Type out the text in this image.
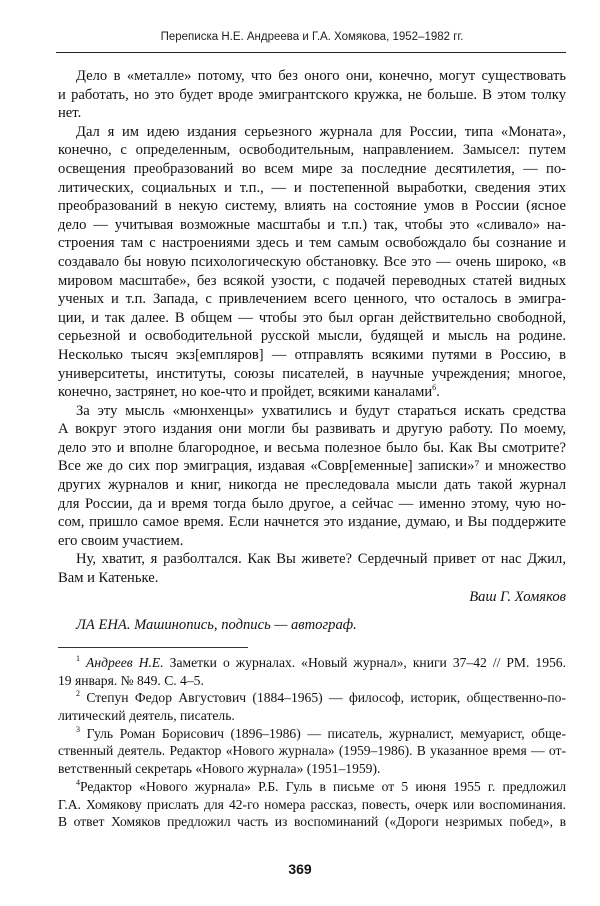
Переписка Н.Е. Андреева и Г.А. Хомякова, 1952–1982 гг.
Дело в «металле» потому, что без оного они, конечно, могут существовать
и работать, но это будет вроде эмигрантского кружка, не больше. В этом толку
нет.
Дал я им идею издания серьезного журнала для России, типа «Моната»,
конечно, с определенным, освободительным, направлением. Замысел: путем
освещения преобразований во всем мире за последние десятилетия, — по-
литических, социальных и т.п., — и постепенной выработки, сведения этих
преобразований в некую систему, влиять на состояние умов в России (ясное
дело — учитывая возможные масштабы и т.п.) так, чтобы это «сливало» на-
строения там с настроениями здесь и тем самым освобождало бы сознание и
создавало бы новую психологическую обстановку. Все это — очень широко, «в
мировом масштабе», без всякой узости, с подачей переводных статей видных
ученых и т.п. Запада, с привлечением всего ценного, что осталось в эмигра-
ции, и так далее. В общем — чтобы это был орган действительно свободной,
серьезной и освободительной русской мысли, будящей и мысль на родине.
Несколько тысяч экз[емпляров] — отправлять всякими путями в Россию, в
университеты, институты, союзы писателей, в научные учреждения; многое,
конечно, застрянет, но кое-что и пройдет, всякими каналами$^6$.
За эту мысль «мюнхенцы» ухватились и будут стараться искать средства
А вокруг этого издания они могли бы развивать и другую работу. По моему,
дело это и вполне благородное, и весьма полезное было бы. Как Вы смотрите?
Все же до сих пор эмиграция, издавая «Совр[еменные] записки»⁷ и множество
других журналов и книг, никогда не преследовала мысли дать такой журнал
для России, да и время тогда было другое, а сейчас — именно этому, чую но-
сом, пришло самое время. Если начнется это издание, думаю, и Вы поддержите
его своим участием.
Ну, хватит, я разболтался. Как Вы живете? Сердечный привет от нас Джил,
Вам и Катеньке.
Ваш Г. Хомяков
ЛА ЕНА. Машинопись, подпись — автограф.
$^1$ Андреев Н.Е. Заметки о журналах. «Новый журнал», книги 37–42 // РМ. 1956.
19 января. № 849. С. 4–5.
$^2$ Степун Федор Августович (1884–1965) — философ, историк, общественно-по-
литический деятель, писатель.
$^3$ Гуль Роман Борисович (1896–1986) — писатель, журналист, мемуарист, обще-
ственный деятель. Редактор «Нового журнала» (1959–1986). В указанное время — от-
ветственный секретарь «Нового журнала» (1951–1959).
$^4$Редактор «Нового журнала» Р.Б. Гуль в письме от 5 июня 1955 г. предложил
Г.А. Хомякову прислать для 42-го номера рассказ, повесть, очерк или воспоминания.
В ответ Хомяков предложил часть из воспоминаний («Дороги незримых побед», в
369
